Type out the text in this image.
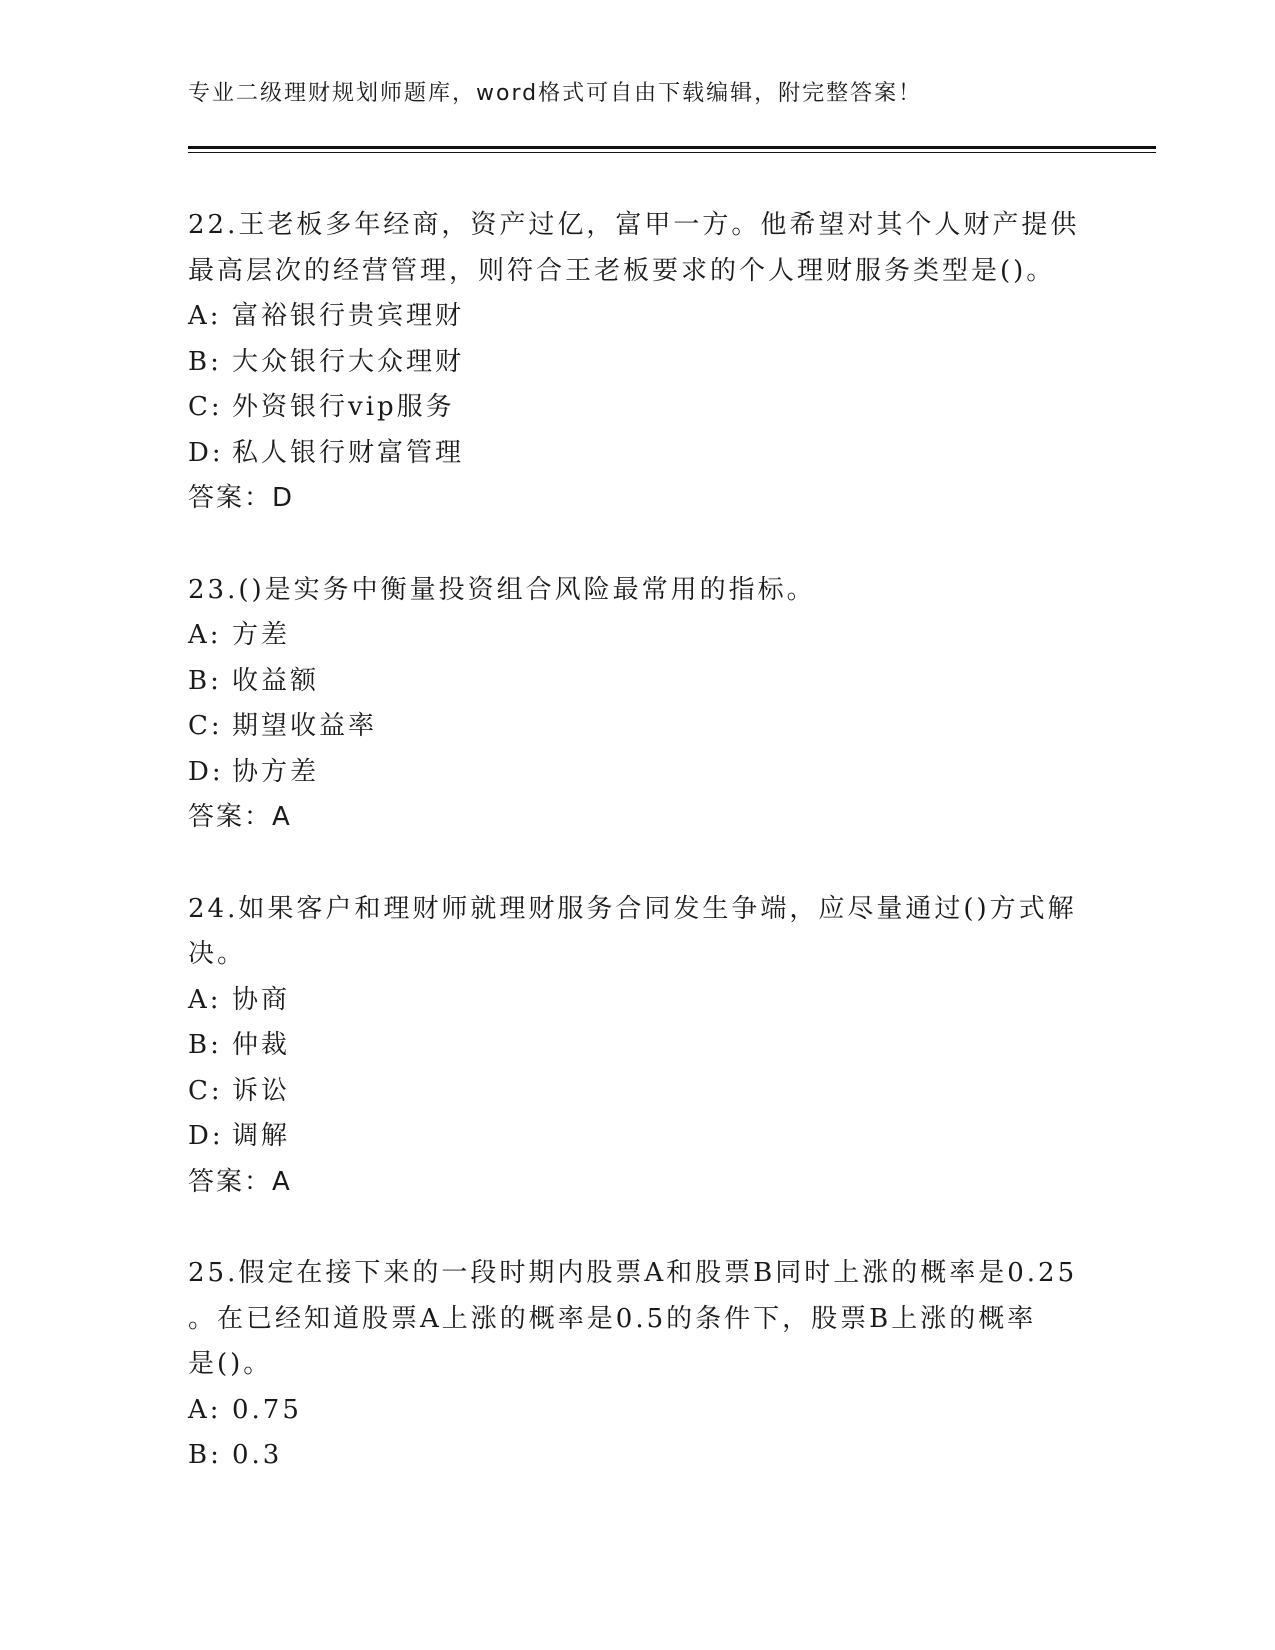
专业二级理财规划师题库，word格式可自由下载编辑，附完整答案！
22.王老板多年经商，资产过亿，富甲一方。他希望对其个人财产提供
最高层次的经营管理，则符合王老板要求的个人理财服务类型是()。
A: 富裕银行贵宾理财
B: 大众银行大众理财
C: 外资银行vip服务
D: 私人银行财富管理
答案：D
23.()是实务中衡量投资组合风险最常用的指标。
A: 方差
B: 收益额
C: 期望收益率
D: 协方差
答案：A
24.如果客户和理财师就理财服务合同发生争端，应尽量通过()方式解
决。
A: 协商
B: 仲裁
C: 诉讼
D: 调解
答案：A
25.假定在接下来的一段时期内股票A和股票B同时上涨的概率是0.25
。在已经知道股票A上涨的概率是0.5的条件下，股票B上涨的概率
是()。
A: 0.75
B: 0.3
